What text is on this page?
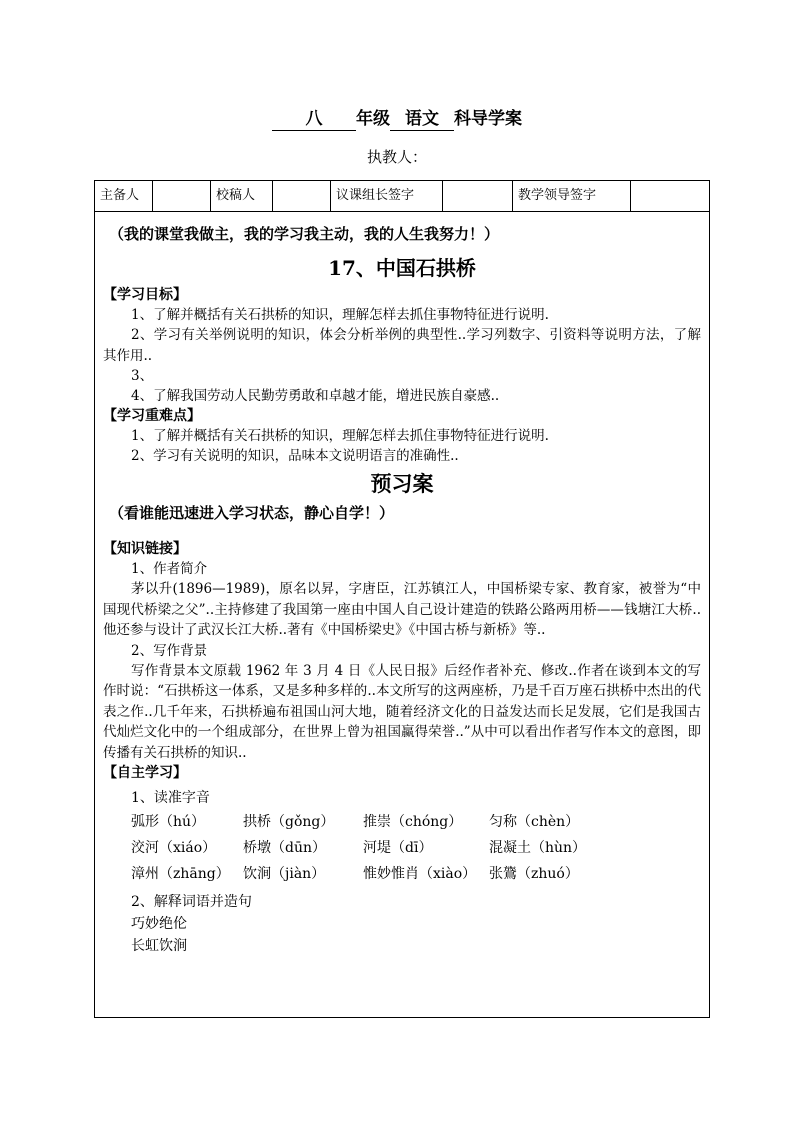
八 年级 语文 科导学案
执教人：
主备人	校稿人	议课组长签字	教学领导签字
（我的课堂我做主，我的学习我主动，我的人生我努力！）
17、中国石拱桥
【学习目标】
1、了解并概括有关石拱桥的知识，理解怎样去抓住事物特征进行说明.
2、学习有关举例说明的知识，体会分析举例的典型性..学习列数字、引资料等说明方法，了解其作用..
3、
4、了解我国劳动人民勤劳勇敢和卓越才能，增进民族自豪感..
【学习重难点】
1、了解并概括有关石拱桥的知识，理解怎样去抓住事物特征进行说明.
2、学习有关说明的知识，品味本文说明语言的准确性..
预习案
（看谁能迅速进入学习状态，静心自学！）
【知识链接】
1、作者简介
茅以升(1896—1989)，原名以昇，字唐臣，江苏镇江人，中国桥梁专家、教育家，被誉为“中国现代桥梁之父”..主持修建了我国第一座由中国人自己设计建造的铁路公路两用桥——钱塘江大桥..他还参与设计了武汉长江大桥..著有《中国桥梁史》《中国古桥与新桥》等..
2、写作背景
写作背景本文原载 1962 年 3 月 4 日《人民日报》后经作者补充、修改..作者在谈到本文的写作时说：“石拱桥这一体系，又是多种多样的..本文所写的这两座桥，乃是千百万座石拱桥中杰出的代表之作..几千年来，石拱桥遍布祖国山河大地，随着经济文化的日益发达而长足发展，它们是我国古代灿烂文化中的一个组成部分，在世界上曾为祖国赢得荣誉..”从中可以看出作者写作本文的意图，即传播有关石拱桥的知识..
【自主学习】
1、读准字音
弧形（hú）	拱桥（gǒng）	推崇（chóng）	匀称（chèn）
洨河（xiáo）	桥墩（dūn）	河堤（dī）	混凝土（hùn）
漳州（zhāng） 饮涧（jiàn）	惟妙惟肖（xiào） 张鷟（zhuó）
2、解释词语并造句
巧妙绝伦
长虹饮涧
